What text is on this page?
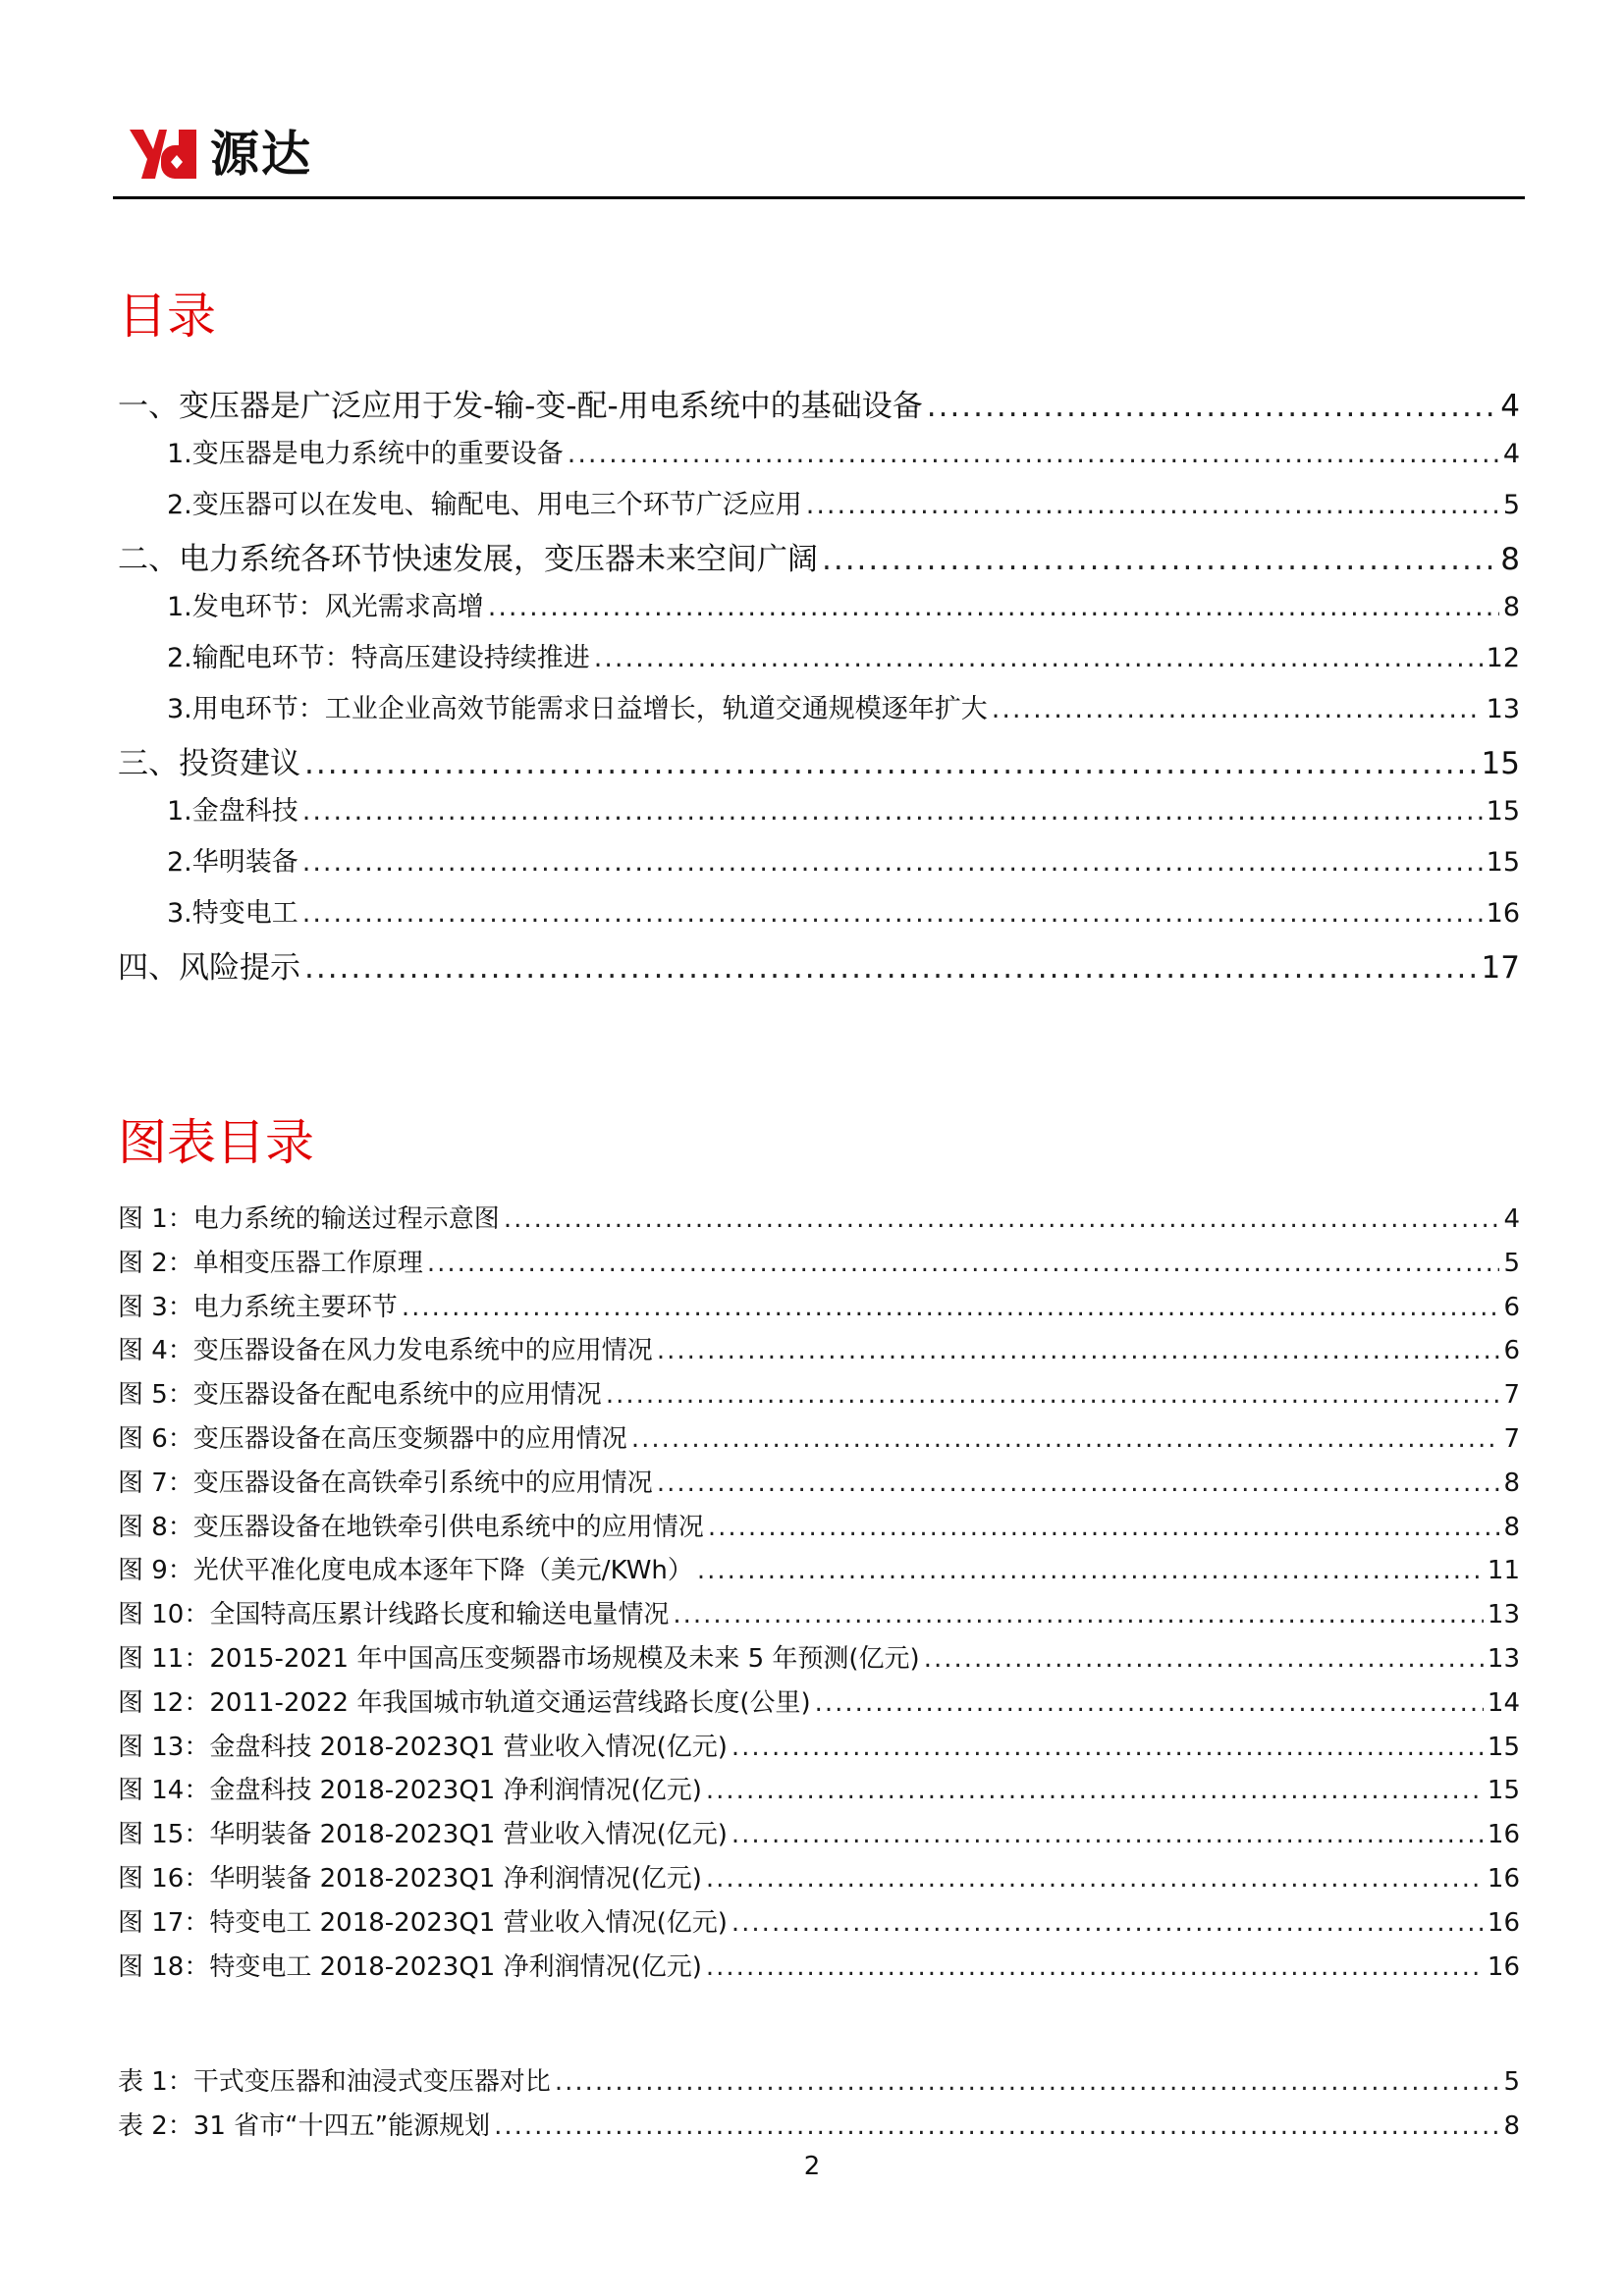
源达
目录
一、变压器是广泛应用于发-输-变-配-用电系统中的基础设备 .....	4
1.变压器是电力系统中的重要设备 .....	4
2.变压器可以在发电、输配电、用电三个环节广泛应用 .....	5
二、电力系统各环节快速发展，变压器未来空间广阔 .....	8
1.发电环节：风光需求高增 .....	8
2.输配电环节：特高压建设持续推进 .....	12
3.用电环节：工业企业高效节能需求日益增长，轨道交通规模逐年扩大 .....	13
三、投资建议 .....	15
1.金盘科技 .....	15
2.华明装备 .....	15
3.特变电工 .....	16
四、风险提示 .....	17
图表目录
图 1：电力系统的输送过程示意图 .....	4
图 2：单相变压器工作原理 .....	5
图 3：电力系统主要环节 .....	6
图 4：变压器设备在风力发电系统中的应用情况 .....	6
图 5：变压器设备在配电系统中的应用情况 .....	7
图 6：变压器设备在高压变频器中的应用情况 .....	7
图 7：变压器设备在高铁牵引系统中的应用情况 .....	8
图 8：变压器设备在地铁牵引供电系统中的应用情况 .....	8
图 9：光伏平准化度电成本逐年下降（美元/KWh） .....	11
图 10：全国特高压累计线路长度和输送电量情况 .....	13
图 11：2015-2021 年中国高压变频器市场规模及未来 5 年预测(亿元) .....	13
图 12：2011-2022 年我国城市轨道交通运营线路长度(公里) .....	14
图 13：金盘科技 2018-2023Q1 营业收入情况(亿元) .....	15
图 14：金盘科技 2018-2023Q1 净利润情况(亿元) .....	15
图 15：华明装备 2018-2023Q1 营业收入情况(亿元) .....	16
图 16：华明装备 2018-2023Q1 净利润情况(亿元) .....	16
图 17：特变电工 2018-2023Q1 营业收入情况(亿元) .....	16
图 18：特变电工 2018-2023Q1 净利润情况(亿元) .....	16
表 1：干式变压器和油浸式变压器对比 .....	5
表 2：31 省市“十四五”能源规划 .....	8
2
